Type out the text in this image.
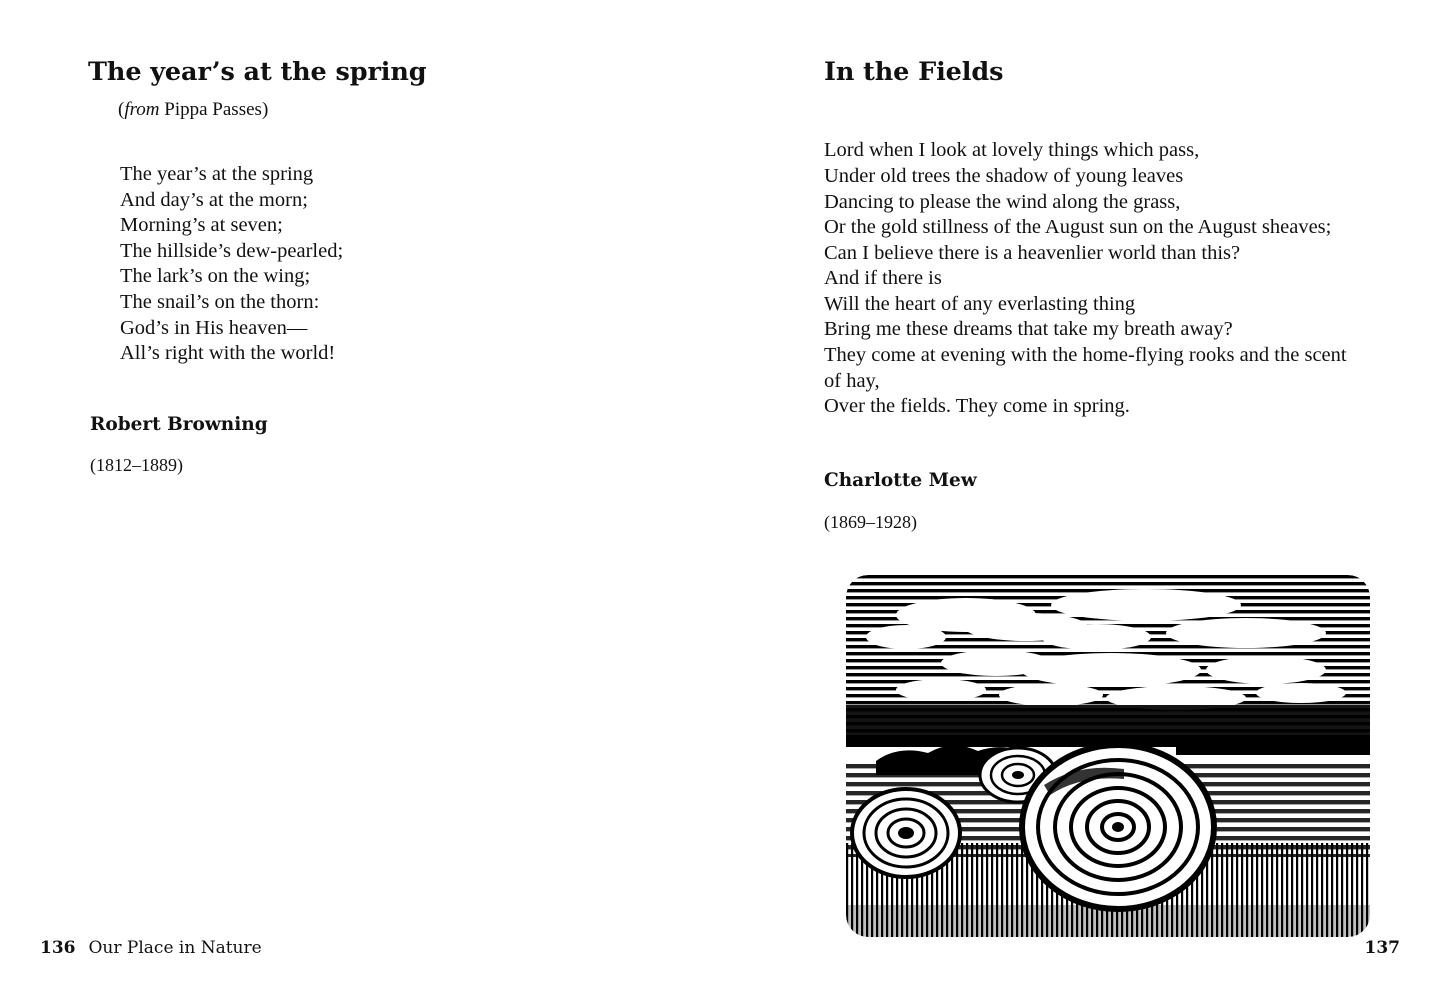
The year’s at the spring

(from Pippa Passes)

The year’s at the spring
And day’s at the morn;
Morning’s at seven;
The hillside’s dew-pearled;
The lark’s on the wing;
The snail’s on the thorn:
God’s in His heaven—
All’s right with the world!

Robert Browning

(1812–1889)

136 Our Place in Nature
In the Fields
Lord when I look at lovely things which pass,
Under old trees the shadow of young leaves
Dancing to please the wind along the grass,
Or the gold stillness of the August sun on the August sheaves;
Can I believe there is a heavenlier world than this?
And if there is
Will the heart of any everlasting thing
Bring me these dreams that take my breath away?
They come at evening with the home-flying rooks and the scent
of hay,
Over the fields. They come in spring.

Charlotte Mew

(1869–1928)

137
